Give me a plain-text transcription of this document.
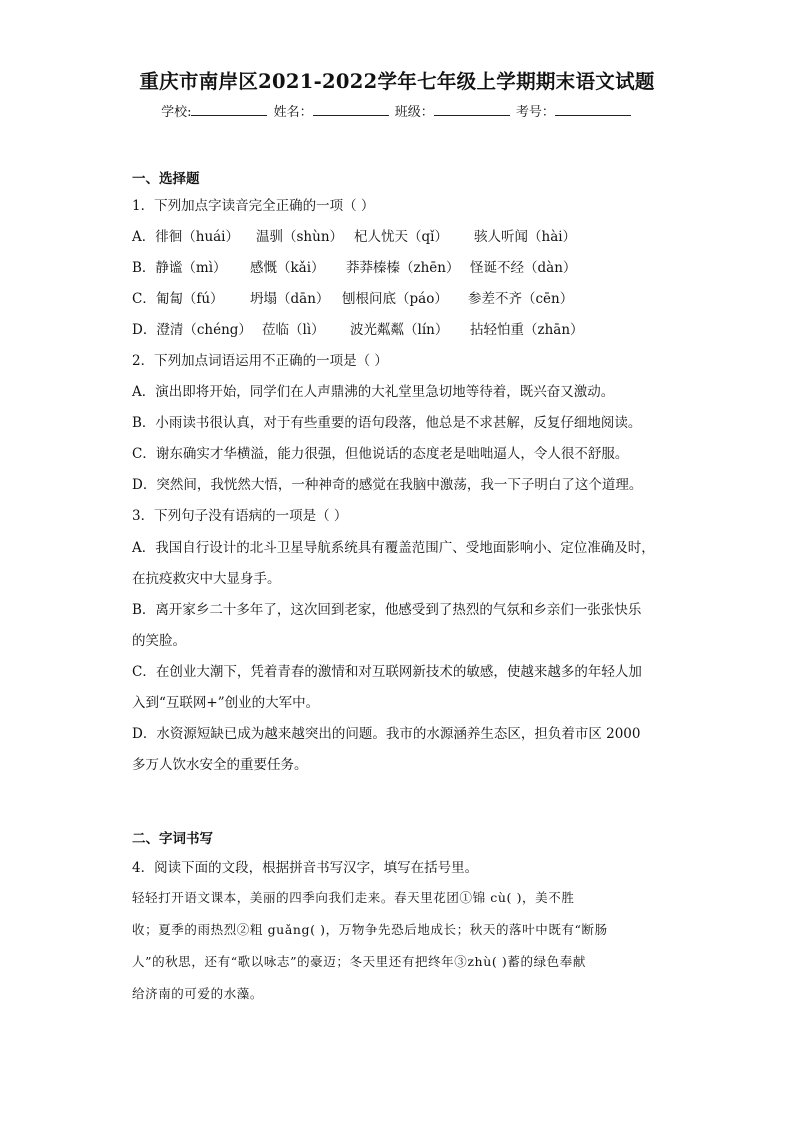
重庆市南岸区2021-2022学年七年级上学期期末语文试题
学校:	姓名：	班级：	考号：
一、选择题
1．下列加点字读音完全正确的一项（ ）
A．徘徊（huái） 温驯（shùn） 杞人忧天（qǐ） 骇人听闻（hài）
B．静谧（mì） 感慨（kǎi） 莽莽榛榛（zhēn） 怪诞不经（dàn）
C．匍匐（fú） 坍塌（dān） 刨根问底（páo） 参差不齐（cēn）
D．澄清（chéng） 莅临（lì） 波光粼粼（lín） 拈轻怕重（zhān）
2．下列加点词语运用不正确的一项是（ ）
A．演出即将开始，同学们在人声鼎沸的大礼堂里急切地等待着，既兴奋又激动。
B．小雨读书很认真，对于有些重要的语句段落，他总是不求甚解，反复仔细地阅读。
C．谢东确实才华横溢，能力很强，但他说话的态度老是咄咄逼人，令人很不舒服。
D．突然间，我恍然大悟，一种神奇的感觉在我脑中激荡，我一下子明白了这个道理。
3．下列句子没有语病的一项是（ ）
A．我国自行设计的北斗卫星导航系统具有覆盖范围广、受地面影响小、定位准确及时，
在抗疫救灾中大显身手。
B．离开家乡二十多年了，这次回到老家，他感受到了热烈的气氛和乡亲们一张张快乐
的笑脸。
C．在创业大潮下，凭着青春的激情和对互联网新技术的敏感，使越来越多的年轻人加
入到“互联网+”创业的大军中。
D．水资源短缺已成为越来越突出的问题。我市的水源涵养生态区，担负着市区 2000
多万人饮水安全的重要任务。
二、字词书写
4．阅读下面的文段，根据拼音书写汉字，填写在括号里。
轻轻打开语文课本，美丽的四季向我们走来。春天里花团①锦 cù( )，美不胜
收；夏季的雨热烈②粗 guǎng( )，万物争先恐后地成长；秋天的落叶中既有“断肠
人”的秋思，还有“歌以咏志”的豪迈；冬天里还有把终年③zhù( )蓄的绿色奉献
给济南的可爱的水藻。
